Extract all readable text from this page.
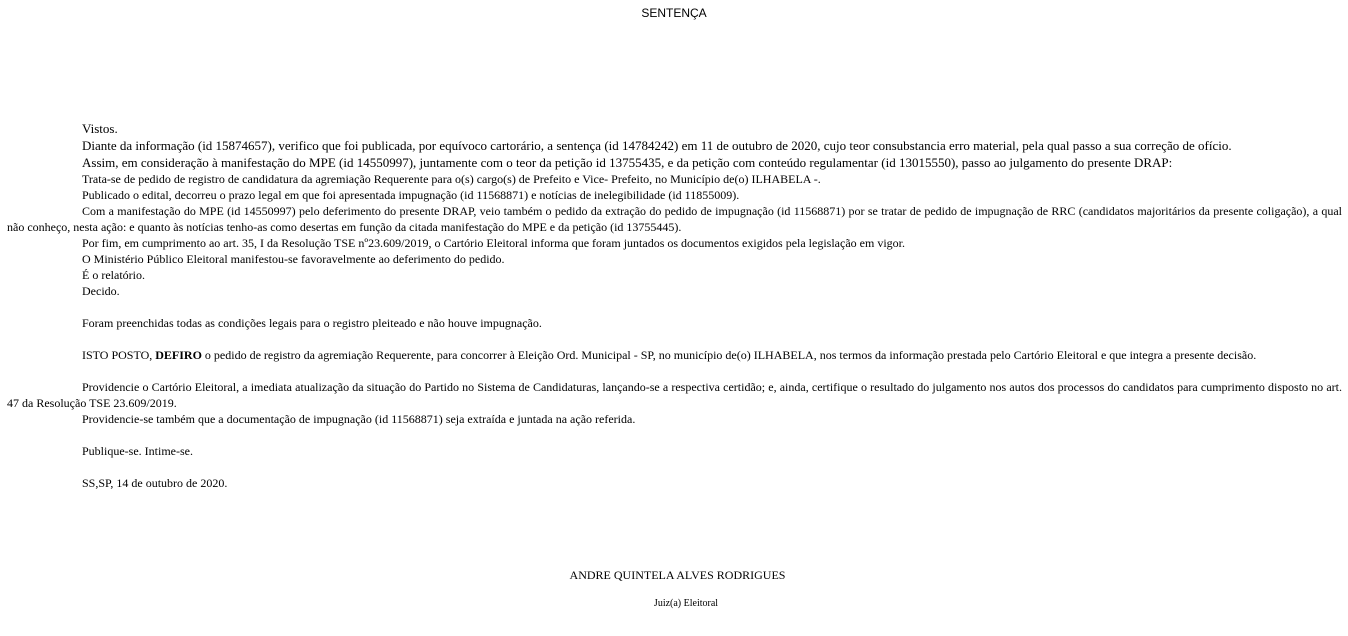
SENTENÇA

Vistos.

Diante da informação (id 15874657), verifico que foi publicada, por equívoco cartorário, a sentença (id 14784242) em 11 de outubro de 2020, cujo teor consubstancia erro material, pela qual passo a sua correção de ofício.

Assim, em consideração à manifestação do MPE (id 14550997), juntamente com o teor da petição id 13755435, e da petição com conteúdo regulamentar (id 13015550), passo ao julgamento do presente DRAP:

Trata-se de pedido de registro de candidatura da agremiação Requerente para o(s) cargo(s) de Prefeito e Vice- Prefeito, no Município de(o) ILHABELA -.

Publicado o edital, decorreu o prazo legal em que foi apresentada impugnação (id 11568871) e notícias de inelegibilidade (id 11855009).

Com a manifestação do MPE (id 14550997) pelo deferimento do presente DRAP, veio também o pedido da extração do pedido de impugnação (id 11568871) por se tratar de pedido de impugnação de RRC (candidatos majoritários da presente coligação), a qual não conheço, nesta ação: e quanto às notícias tenho-as como desertas em função da citada manifestação do MPE e da petição (id 13755445).

Por fim, em cumprimento ao art. 35, I da Resolução TSE nº23.609/2019, o Cartório Eleitoral informa que foram juntados os documentos exigidos pela legislação em vigor.

O Ministério Público Eleitoral manifestou-se favoravelmente ao deferimento do pedido.

É o relatório.

Decido.

Foram preenchidas todas as condições legais para o registro pleiteado e não houve impugnação.

ISTO POSTO, DEFIRO o pedido de registro da agremiação Requerente, para concorrer à Eleição Ord. Municipal - SP, no município de(o) ILHABELA, nos termos da informação prestada pelo Cartório Eleitoral e que integra a presente decisão.

Providencie o Cartório Eleitoral, a imediata atualização da situação do Partido no Sistema de Candidaturas, lançando-se a respectiva certidão; e, ainda, certifique o resultado do julgamento nos autos dos processos do candidatos para cumprimento disposto no art. 47 da Resolução TSE 23.609/2019.

Providencie-se também que a documentação de impugnação (id 11568871) seja extraída e juntada na ação referida.

Publique-se. Intime-se.

SS,SP, 14 de outubro de 2020.

ANDRE QUINTELA ALVES RODRIGUES
Juiz(a) Eleitoral
